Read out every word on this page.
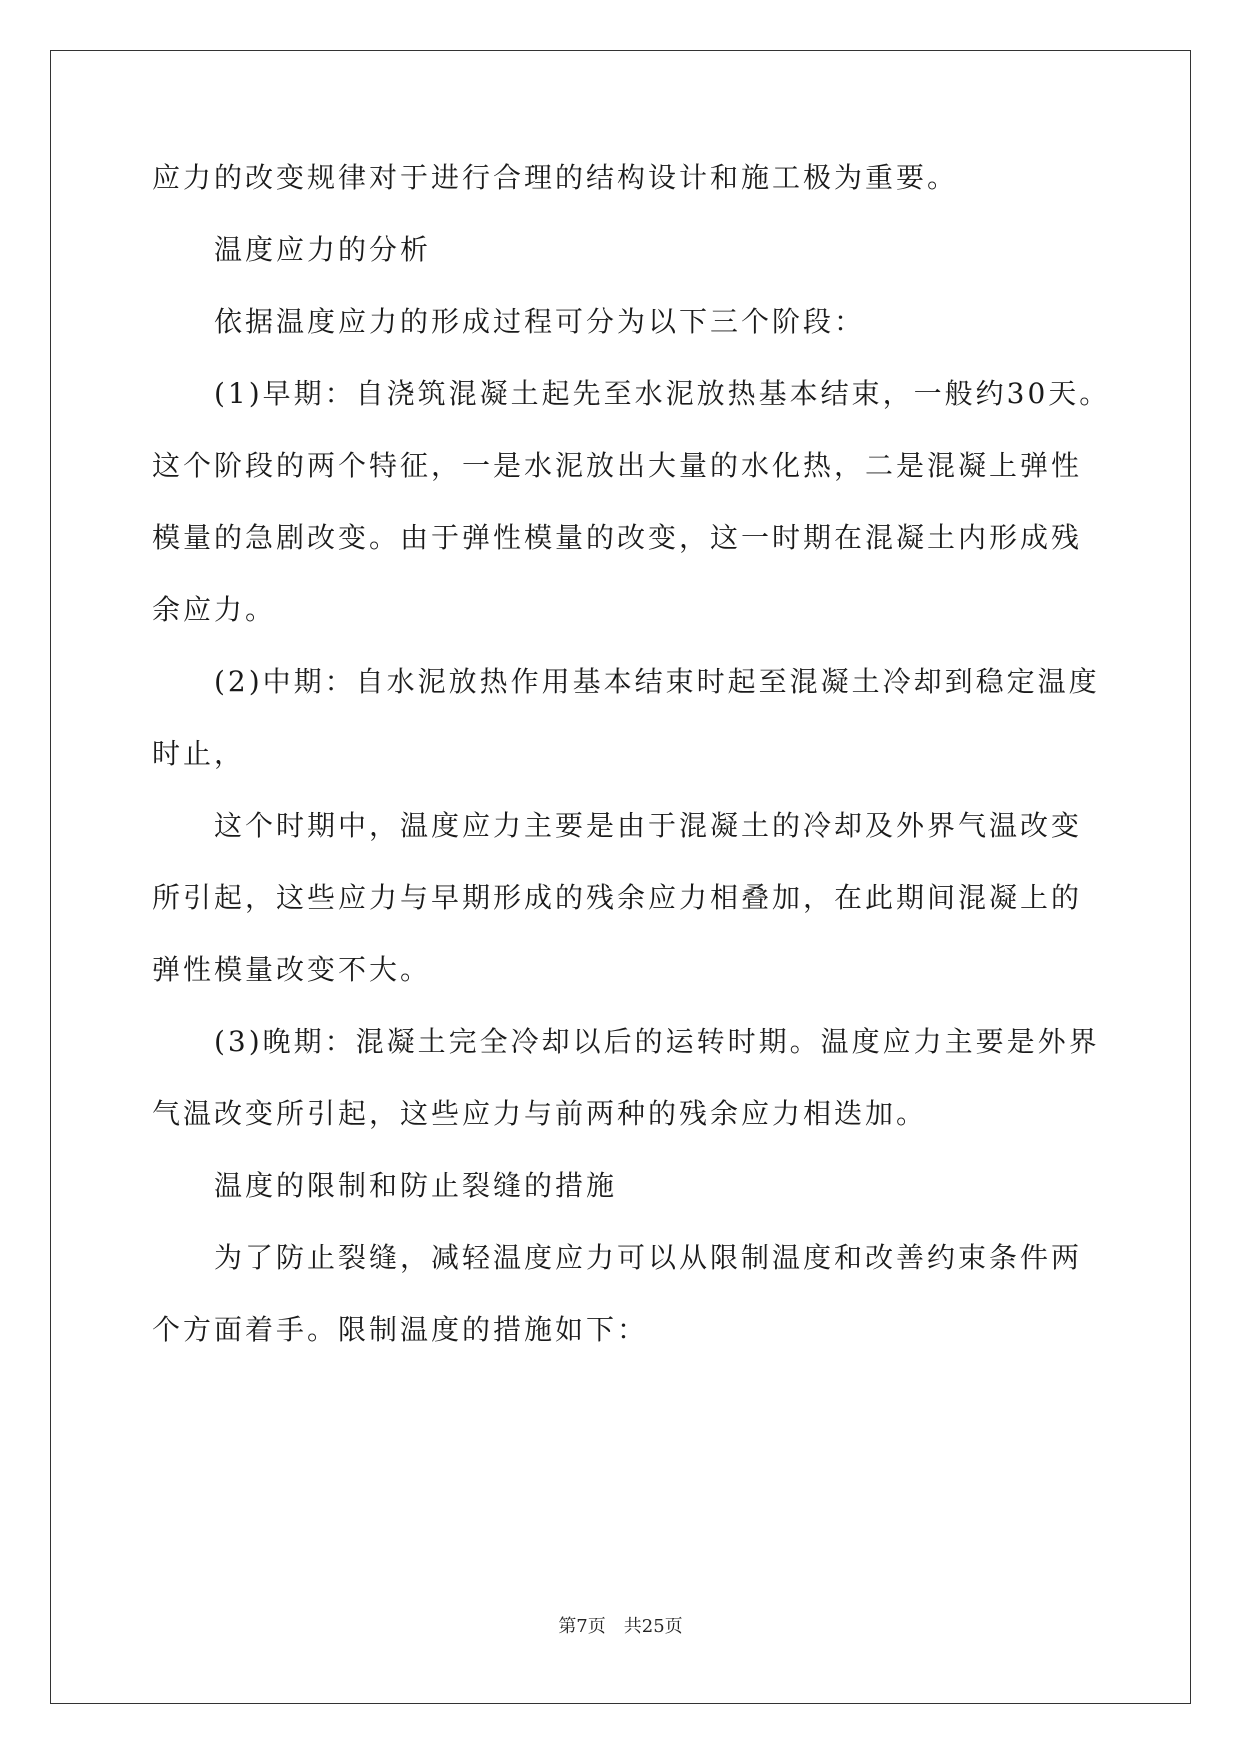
应力的改变规律对于进行合理的结构设计和施工极为重要。
温度应力的分析
依据温度应力的形成过程可分为以下三个阶段：
(1)早期：自浇筑混凝土起先至水泥放热基本结束，一般约30天。
这个阶段的两个特征，一是水泥放出大量的水化热，二是混凝上弹性
模量的急剧改变。由于弹性模量的改变，这一时期在混凝土内形成残
余应力。
(2)中期：自水泥放热作用基本结束时起至混凝土冷却到稳定温度
时止，
这个时期中，温度应力主要是由于混凝土的冷却及外界气温改变
所引起，这些应力与早期形成的残余应力相叠加，在此期间混凝上的
弹性模量改变不大。
(3)晚期：混凝土完全冷却以后的运转时期。温度应力主要是外界
气温改变所引起，这些应力与前两种的残余应力相迭加。
温度的限制和防止裂缝的措施
为了防止裂缝，减轻温度应力可以从限制温度和改善约束条件两
个方面着手。限制温度的措施如下：
第7页　共25页
